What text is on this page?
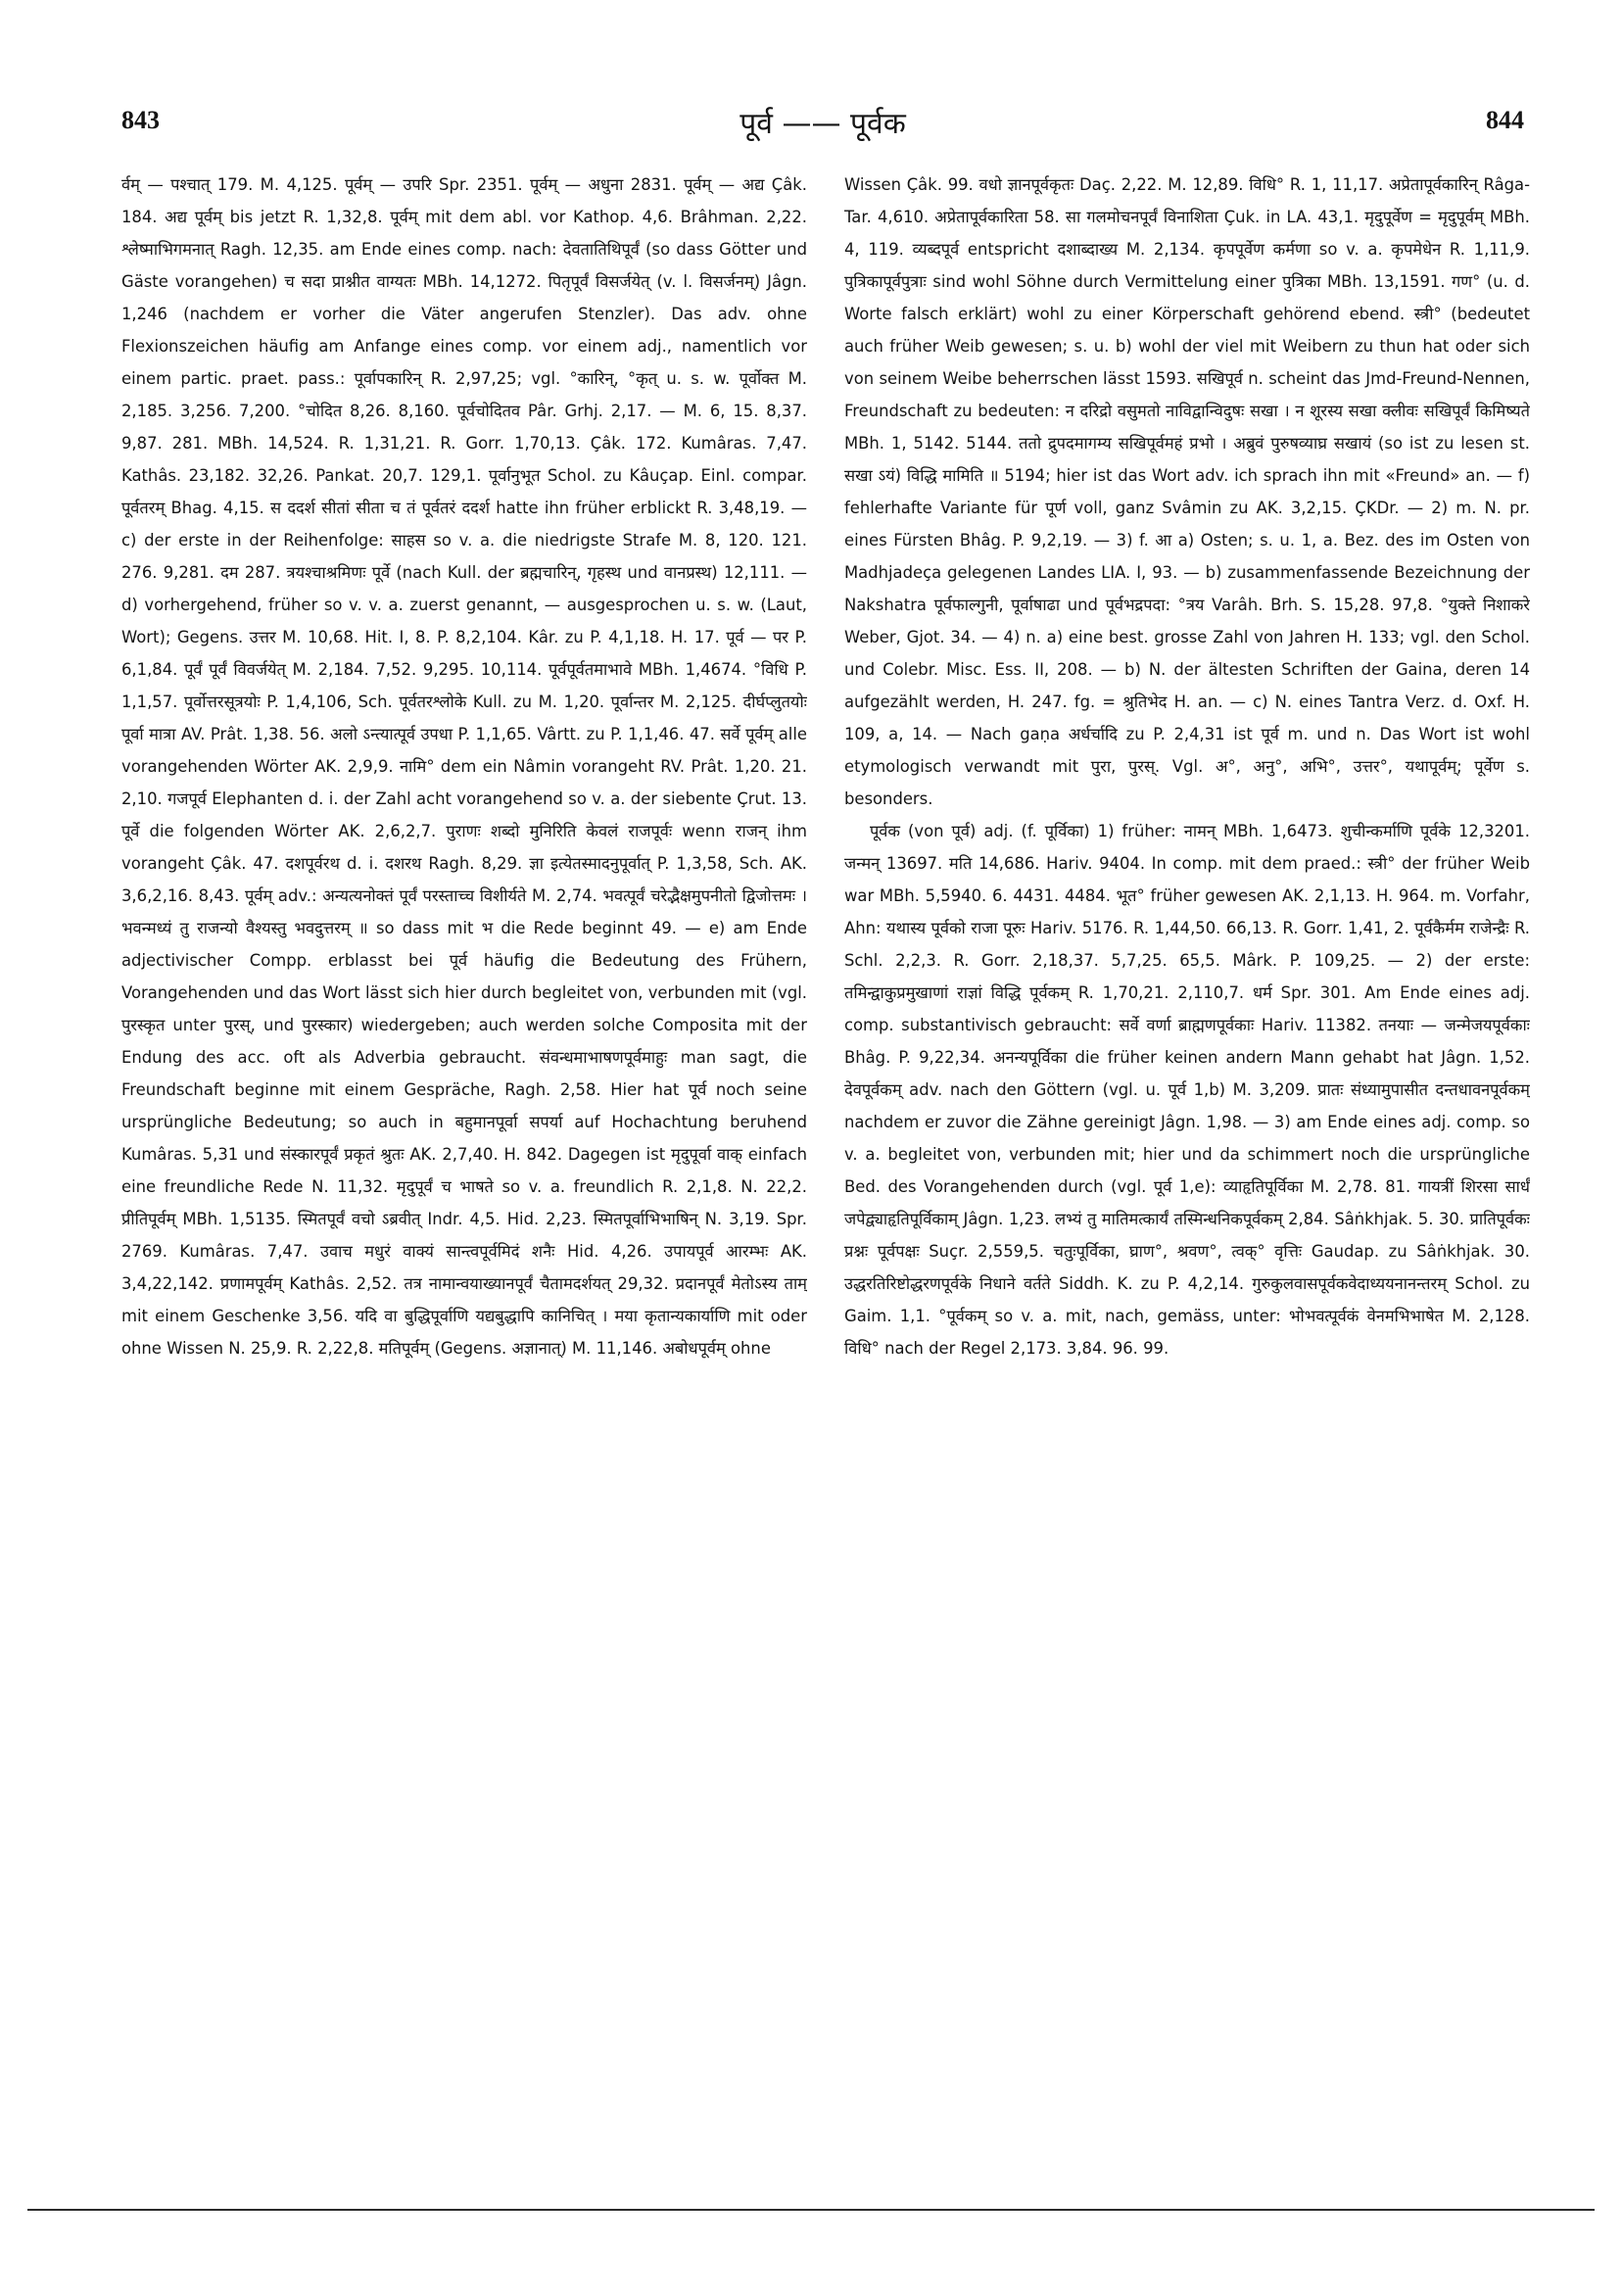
843	पूर्व —— पूर्वक	844

र्वम् — पश्चात् 179. M. 4,125. पूर्वम् — उपरि Spr. 2351. पूर्वम् — अधुना 2831. पूर्वम् — अद्य Çâk. 184. अद्य पूर्वम् bis jetzt R. 1,32,8. पूर्वम् mit dem abl. vor Kathop. 4,6. Brâhman. 2,22. श्लेष्माभिगमनात् Ragh. 12,35. am Ende eines comp. nach: देवतातिथिपूर्वं (so dass Götter und Gäste vorangehen) च सदा प्राश्नीत वाग्यतः MBh. 14,1272. पितृपूर्वं विसर्जयेत् (v. l. विसर्जनम्) Jâgn. 1,246 (nachdem er vorher die Väter angerufen Stenzler). Das adv. ohne Flexionszeichen häufig am Anfange eines comp. vor einem adj., namentlich vor einem partic. praet. pass.: पूर्वापकारिन् R. 2,97,25; vgl. °कारिन्, °कृत् u. s. w. पूर्वोक्त M. 2,185. 3,256. 7,200. °चोदित 8,26. 8,160. पूर्वचोदितव Pâr. Grhj. 2,17. — M. 6, 15. 8,37. 9,87. 281. MBh. 14,524. R. 1,31,21. R. Gorr. 1,70,13. Çâk. 172. Kumâras. 7,47. Kathâs. 23,182. 32,26. Pankat. 20,7. 129,1. पूर्वानुभूत Schol. zu Kâuçap. Einl. compar. पूर्वतरम् Bhag. 4,15. स ददर्श सीतां सीता च तं पूर्वतरं ददर्श hatte ihn früher erblickt R. 3,48,19. — c) der erste in der Reihenfolge: साहस so v. a. die niedrigste Strafe M. 8, 120. 121. 276. 9,281. दम 287. त्रयश्चाश्रमिणः पूर्वे (nach Kull. der ब्रह्मचारिन्, गृहस्थ und वानप्रस्थ) 12,111. — d) vorhergehend, früher so v. v. a. zuerst genannt, — ausgesprochen u. s. w. (Laut, Wort); Gegens. उत्तर M. 10,68. Hit. I, 8. P. 8,2,104. Kâr. zu P. 4,1,18. H. 17. पूर्व — पर P. 6,1,84. पूर्वं पूर्वं विवर्जयेत् M. 2,184. 7,52. 9,295. 10,114. पूर्वपूर्वतमाभावे MBh. 1,4674. °विधि P. 1,1,57. पूर्वोत्तरसूत्रयोः P. 1,4,106, Sch. पूर्वतरश्लोके Kull. zu M. 1,20. पूर्वान्तर M. 2,125. दीर्घप्लुतयोः पूर्वा मात्रा AV. Prât. 1,38. 56. अलो ऽन्त्यात्पूर्व उपधा P. 1,1,65. Vârtt. zu P. 1,1,46. 47. सर्वे पूर्वम् alle vorangehenden Wörter AK. 2,9,9. नामि° dem ein Nâmin vorangeht RV. Prât. 1,20. 21. 2,10. गजपूर्व Elephanten d. i. der Zahl acht vorangehend so v. a. der siebente Çrut. 13. पूर्वे die folgenden Wörter AK. 2,6,2,7. पुराणः शब्दो मुनिरिति केवलं राजपूर्वः wenn राजन् ihm vorangeht Çâk. 47. दशपूर्वरथ d. i. दशरथ Ragh. 8,29. ज्ञा इत्येतस्मादनुपूर्वात् P. 1,3,58, Sch. AK. 3,6,2,16. 8,43. पूर्वम् adv.: अन्यत्यनोक्तं पूर्वं परस्ताच्च विशीर्यते M. 2,74. भवत्पूर्वं चरेद्भैक्षमुपनीतो द्विजोत्तमः । भवन्मध्यं तु राजन्यो वैश्यस्तु भवदुत्तरम् ॥ so dass mit भ die Rede beginnt 49. — e) am Ende adjectivischer Compp. erblasst bei पूर्व häufig die Bedeutung des Frühern, Vorangehenden und das Wort lässt sich hier durch begleitet von, verbunden mit (vgl. पुरस्कृत unter पुरस्, und पुरस्कार) wiedergeben; auch werden solche Composita mit der Endung des acc. oft als Adverbia gebraucht. संवन्धमाभाषणपूर्वमाहुः man sagt, die Freundschaft beginne mit einem Gespräche, Ragh. 2,58. Hier hat पूर्व noch seine ursprüngliche Bedeutung; so auch in बहुमानपूर्वा सपर्या auf Hochachtung beruhend Kumâras. 5,31 und संस्कारपूर्वं प्रकृतं श्रुतः AK. 2,7,40. H. 842. Dagegen ist मृदुपूर्वा वाक् einfach eine freundliche Rede N. 11,32. मृदुपूर्वं च भाषते so v. a. freundlich R. 2,1,8. N. 22,2. प्रीतिपूर्वम् MBh. 1,5135. स्मितपूर्वं वचो ऽब्रवीत् Indr. 4,5. Hid. 2,23. स्मितपूर्वाभिभाषिन् N. 3,19. Spr. 2769. Kumâras. 7,47. उवाच मधुरं वाक्यं सान्त्वपूर्वमिदं शनैः Hid. 4,26. उपायपूर्व आरम्भः AK. 3,4,22,142. प्रणामपूर्वम् Kathâs. 2,52. तत्र नामान्वयाख्यानपूर्वं चैतामदर्शयत् 29,32. प्रदानपूर्वं मेतोऽस्य ताम् mit einem Geschenke 3,56. यदि वा बुद्धिपूर्वाणि यद्यबुद्धापि कानिचित् । मया कृतान्यकार्याणि mit oder ohne Wissen N. 25,9. R. 2,22,8. मतिपूर्वम् (Gegens. अज्ञानात्) M. 11,146. अबोधपूर्वम् ohne

Wissen Çâk. 99. वधो ज्ञानपूर्वकृतः Daç. 2,22. M. 12,89. विधि° R. 1, 11,17. अप्रेतापूर्वकारिन् Râga-Tar. 4,610. अप्रेतापूर्वकारिता 58. सा गलमोचनपूर्वं विनाशिता Çuk. in LA. 43,1. मृदुपूर्वेण = मृदुपूर्वम् MBh. 4, 119. व्यब्दपूर्व entspricht दशाब्दाख्य M. 2,134. कृपपूर्वेण कर्मणा so v. a. कृपमेधेन R. 1,11,9. पुत्रिकापूर्वपुत्राः sind wohl Söhne durch Vermittelung einer पुत्रिका MBh. 13,1591. गण° (u. d. Worte falsch erklärt) wohl zu einer Körperschaft gehörend ebend. स्त्री° (bedeutet auch früher Weib gewesen; s. u. b) wohl der viel mit Weibern zu thun hat oder sich von seinem Weibe beherrschen lässt 1593. सखिपूर्व n. scheint das Jmd-Freund-Nennen, Freundschaft zu bedeuten: न दरिद्रो वसुमतो नाविद्वान्विदुषः सखा । न शूरस्य सखा क्लीवः सखिपूर्वं किमिष्यते MBh. 1, 5142. 5144. ततो द्रुपदमागम्य सखिपूर्वमहं प्रभो । अब्रुवं पुरुषव्याघ्र सखायं (so ist zu lesen st. सखा ऽयं) विद्धि मामिति ॥ 5194; hier ist das Wort adv. ich sprach ihn mit «Freund» an. — f) fehlerhafte Variante für पूर्ण voll, ganz Svâmin zu AK. 3,2,15. ÇKDr. — 2) m. N. pr. eines Fürsten Bhâg. P. 9,2,19. — 3) f. आ a) Osten; s. u. 1, a. Bez. des im Osten von Madhjadeça gelegenen Landes LIA. I, 93. — b) zusammenfassende Bezeichnung der Nakshatra पूर्वफाल्गुनी, पूर्वाषाढा und पूर्वभद्रपदा: °त्रय Varâh. Brh. S. 15,28. 97,8. °युक्ते निशाकरे Weber, Gjot. 34. — 4) n. a) eine best. grosse Zahl von Jahren H. 133; vgl. den Schol. und Colebr. Misc. Ess. II, 208. — b) N. der ältesten Schriften der Gaina, deren 14 aufgezählt werden, H. 247. fg. = श्रुतिभेद H. an. — c) N. eines Tantra Verz. d. Oxf. H. 109, a, 14. — Nach gaṇa अर्धर्चादि zu P. 2,4,31 ist पूर्व m. und n. Das Wort ist wohl etymologisch verwandt mit पुरा, पुरस्. Vgl. अ°, अनु°, अभि°, उत्तर°, यथापूर्वम्; पूर्वेण s. besonders.

पूर्वक (von पूर्व) adj. (f. पूर्विका) 1) früher: नामन् MBh. 1,6473. शुचीन्कर्माणि पूर्वके 12,3201. जन्मन् 13697. मति 14,686. Hariv. 9404. In comp. mit dem praed.: स्त्री° der früher Weib war MBh. 5,5940. 6. 4431. 4484. भूत° früher gewesen AK. 2,1,13. H. 964. m. Vorfahr, Ahn: यथास्य पूर्वको राजा पूरुः Hariv. 5176. R. 1,44,50. 66,13. R. Gorr. 1,41, 2. पूर्वकैर्मम राजेन्द्रैः R. Schl. 2,2,3. R. Gorr. 2,18,37. 5,7,25. 65,5. Mârk. P. 109,25. — 2) der erste: तमिन्द्वाकुप्रमुखाणां राज्ञां विद्धि पूर्वकम् R. 1,70,21. 2,110,7. धर्म Spr. 301. Am Ende eines adj. comp. substantivisch gebraucht: सर्वे वर्णा ब्राह्मणपूर्वकाः Hariv. 11382. तनयाः — जन्मेजयपूर्वकाः Bhâg. P. 9,22,34. अनन्यपूर्विका die früher keinen andern Mann gehabt hat Jâgn. 1,52. देवपूर्वकम् adv. nach den Göttern (vgl. u. पूर्व 1,b) M. 3,209. प्रातः संध्यामुपासीत दन्तधावनपूर्वकम् nachdem er zuvor die Zähne gereinigt Jâgn. 1,98. — 3) am Ende eines adj. comp. so v. a. begleitet von, verbunden mit; hier und da schimmert noch die ursprüngliche Bed. des Vorangehenden durch (vgl. पूर्व 1,e): व्याहृतिपूर्विका M. 2,78. 81. गायत्रीं शिरसा सार्धं जपेद्व्याहृतिपूर्विकाम् Jâgn. 1,23. लभ्यं तु मातिमत्कार्यं तस्मिन्धनिकपूर्वकम् 2,84. Sâṅkhjak. 5. 30. प्रातिपूर्वकः प्रश्नः पूर्वपक्षः Suçr. 2,559,5. चतुःपूर्विका, घ्राण°, श्रवण°, त्वक्° वृत्तिः Gaudap. zu Sâṅkhjak. 30. उद्धरतिरिष्टोद्धरणपूर्वके निधाने वर्तते Siddh. K. zu P. 4,2,14. गुरुकुलवासपूर्वकवेदाध्ययनानन्तरम् Schol. zu Gaim. 1,1. °पूर्वकम् so v. a. mit, nach, gemäss, unter: भोभवत्पूर्वकं वेनमभिभाषेत M. 2,128. विधि° nach der Regel 2,173. 3,84. 96. 99.
